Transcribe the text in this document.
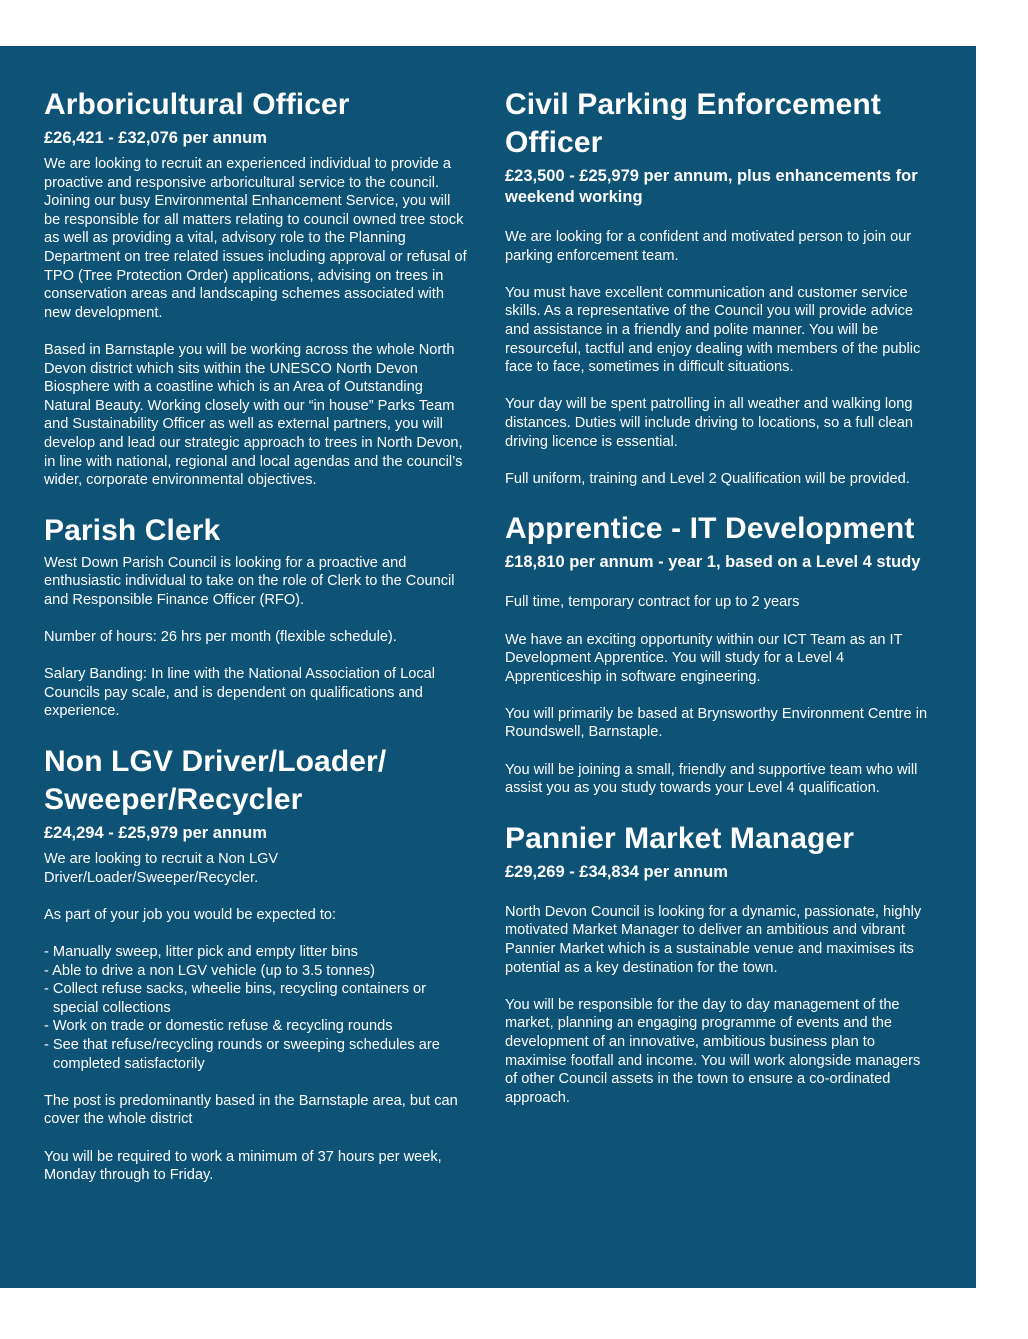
Arboricultural Officer
£26,421 - £32,076 per annum

We are looking to recruit an experienced individual to provide a proactive and responsive arboricultural service to the council. Joining our busy Environmental Enhancement Service, you will be responsible for all matters relating to council owned tree stock as well as providing a vital, advisory role to the Planning Department on tree related issues including approval or refusal of TPO (Tree Protection Order) applications, advising on trees in conservation areas and landscaping schemes associated with new development.

Based in Barnstaple you will be working across the whole North Devon district which sits within the UNESCO North Devon Biosphere with a coastline which is an Area of Outstanding Natural Beauty. Working closely with our “in house” Parks Team and Sustainability Officer as well as external partners, you will develop and lead our strategic approach to trees in North Devon, in line with national, regional and local agendas and the council’s wider, corporate environmental objectives.

Parish Clerk

West Down Parish Council is looking for a proactive and enthusiastic individual to take on the role of Clerk to the Council and Responsible Finance Officer (RFO).

Number of hours: 26 hrs per month (flexible schedule).

Salary Banding: In line with the National Association of Local Councils pay scale, and is dependent on qualifications and experience.

Non LGV Driver/Loader/ Sweeper/Recycler
£24,294 - £25,979 per annum

We are looking to recruit a Non LGV Driver/Loader/Sweeper/Recycler.

As part of your job you would be expected to:

- Manually sweep, litter pick and empty litter bins
- Able to drive a non LGV vehicle (up to 3.5 tonnes)
- Collect refuse sacks, wheelie bins, recycling containers or special collections
- Work on trade or domestic refuse & recycling rounds
- See that refuse/recycling rounds or sweeping schedules are completed satisfactorily

The post is predominantly based in the Barnstaple area, but can cover the whole district

You will be required to work a minimum of 37 hours per week, Monday through to Friday.

Civil Parking Enforcement Officer
£23,500 - £25,979 per annum, plus enhancements for weekend working

We are looking for a confident and motivated person to join our parking enforcement team.

You must have excellent communication and customer service skills. As a representative of the Council you will provide advice and assistance in a friendly and polite manner. You will be resourceful, tactful and enjoy dealing with members of the public face to face, sometimes in difficult situations.

Your day will be spent patrolling in all weather and walking long distances. Duties will include driving to locations, so a full clean driving licence is essential.

Full uniform, training and Level 2 Qualification will be provided.

Apprentice - IT Development
£18,810 per annum - year 1, based on a Level 4 study

Full time, temporary contract for up to 2 years

We have an exciting opportunity within our ICT Team as an IT Development Apprentice. You will study for a Level 4 Apprenticeship in software engineering.

You will primarily be based at Brynsworthy Environment Centre in Roundswell, Barnstaple.

You will be joining a small, friendly and supportive team who will assist you as you study towards your Level 4 qualification.

Pannier Market Manager
£29,269 - £34,834 per annum

North Devon Council is looking for a dynamic, passionate, highly motivated Market Manager to deliver an ambitious and vibrant Pannier Market which is a sustainable venue and maximises its potential as a key destination for the town.

You will be responsible for the day to day management of the market, planning an engaging programme of events and the development of an innovative, ambitious business plan to maximise footfall and income. You will work alongside managers of other Council assets in the town to ensure a co-ordinated approach.
